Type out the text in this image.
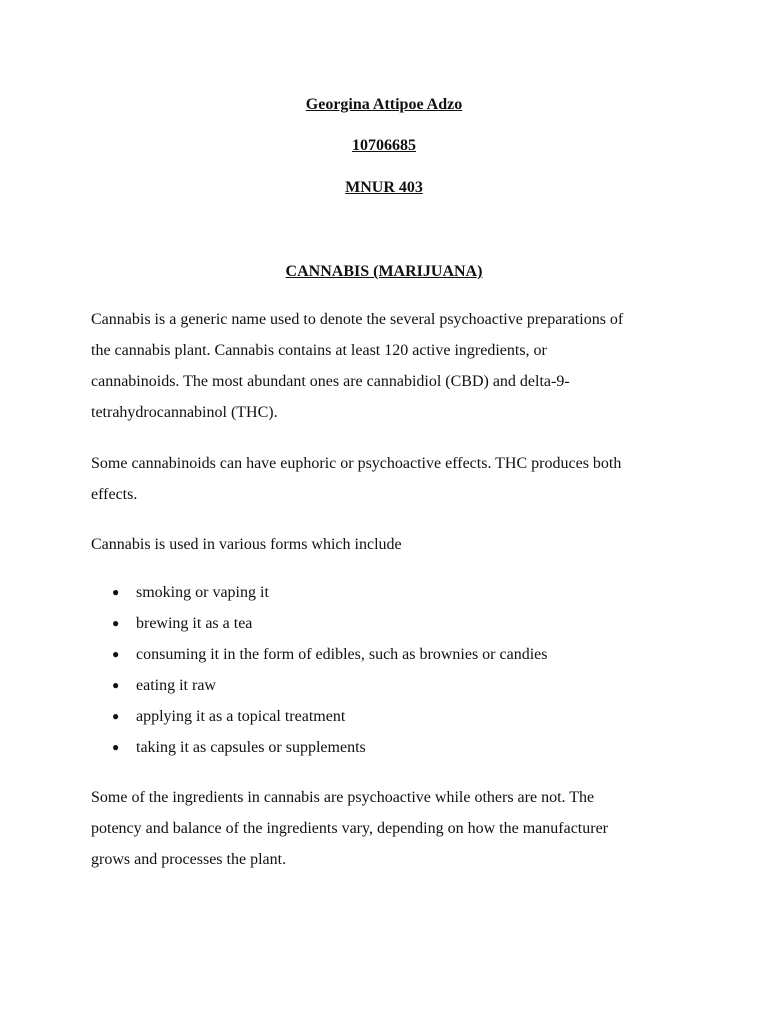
Georgina Attipoe Adzo

10706685

MNUR 403

CANNABIS (MARIJUANA)

Cannabis is a generic name used to denote the several psychoactive preparations of
the cannabis plant. Cannabis contains at least 120 active ingredients, or
cannabinoids. The most abundant ones are cannabidiol (CBD) and delta-9-
tetrahydrocannabinol (THC).

Some cannabinoids can have euphoric or psychoactive effects. THC produces both
effects.

Cannabis is used in various forms which include

● smoking or vaping it
● brewing it as a tea
● consuming it in the form of edibles, such as brownies or candies
● eating it raw
● applying it as a topical treatment
● taking it as capsules or supplements

Some of the ingredients in cannabis are psychoactive while others are not. The
potency and balance of the ingredients vary, depending on how the manufacturer
grows and processes the plant.
